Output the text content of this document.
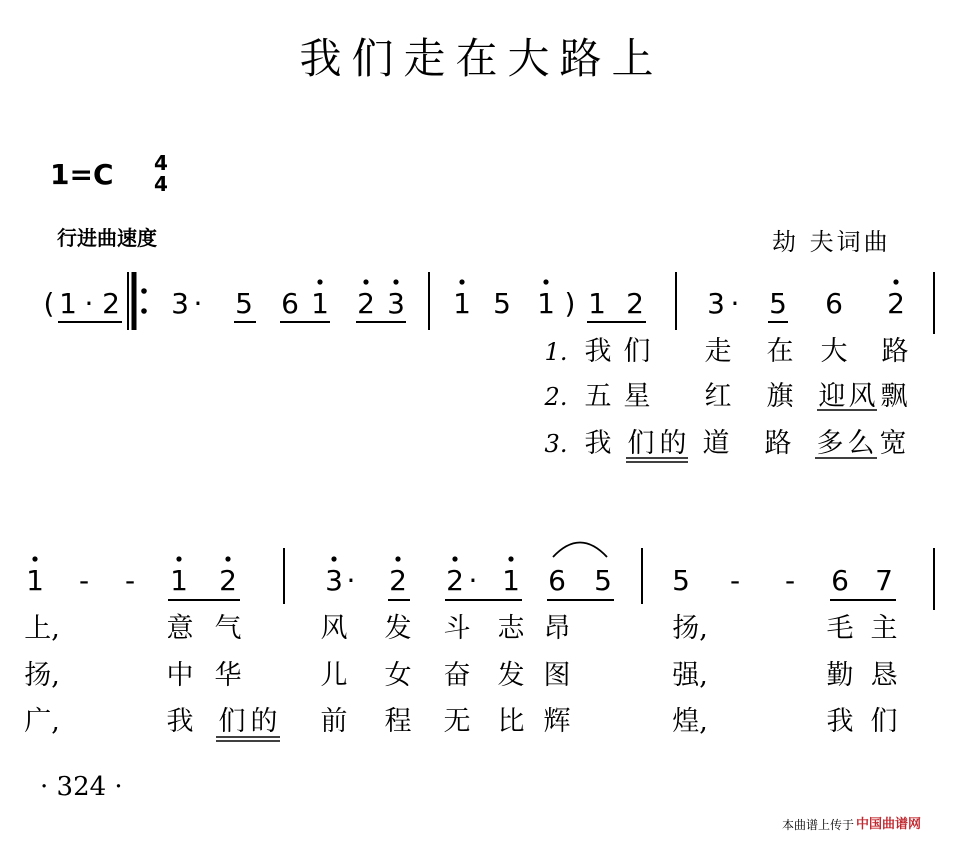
我们走在大路上
1=C 4
4
行进曲速度	劫 夫词曲
( 1 · 2 3 · 5 6 1 2 3 1 5 1 ) 1 2 3 · 5 6 2
1 - - 1 2	3 · 2 2 · 1 6 5 5 - - 6 7
1. 我 们 走 在 大 路
2. 五 星 红 旗 迎 风 飘
3. 我 们 的 道 路 多 么 宽
上,	意 气	风 发 斗 志 昂	扬,	毛 主
扬,	中 华	儿 女 奋 发 图	强,	勤 恳
广,	我 们 的 前 程 无 比 辉	煌,	我 们
· 324 ·
本曲谱上传于 中国曲谱网
